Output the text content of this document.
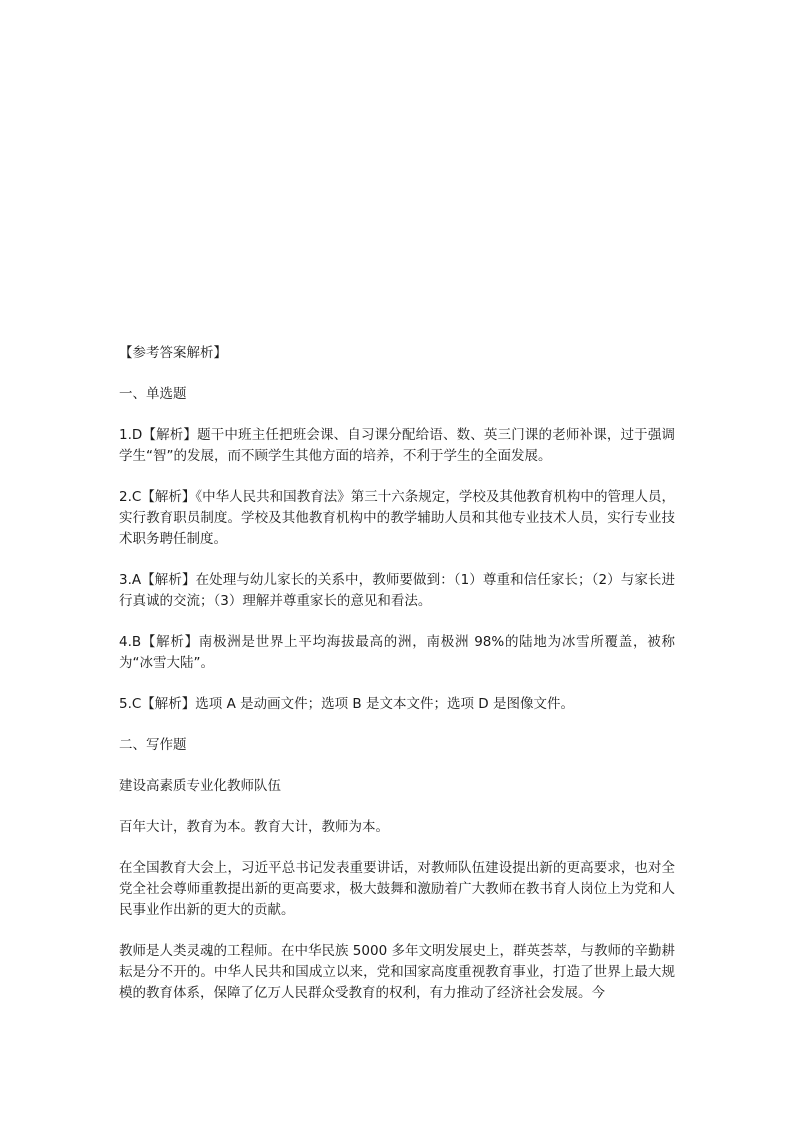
【参考答案解析】

一、单选题

1.D【解析】题干中班主任把班会课、自习课分配给语、数、英三门课的老师补课，过于强调学生“智”的发展，而不顾学生其他方面的培养，不利于学生的全面发展。

2.C【解析】《中华人民共和国教育法》第三十六条规定，学校及其他教育机构中的管理人员，实行教育职员制度。学校及其他教育机构中的教学辅助人员和其他专业技术人员，实行专业技术职务聘任制度。

3.A【解析】在处理与幼儿家长的关系中，教师要做到：（1）尊重和信任家长；（2）与家长进行真诚的交流；（3）理解并尊重家长的意见和看法。

4.B【解析】南极洲是世界上平均海拔最高的洲，南极洲 98%的陆地为冰雪所覆盖，被称为“冰雪大陆”。

5.C【解析】选项 A 是动画文件；选项 B 是文本文件；选项 D 是图像文件。

二、写作题

建设高素质专业化教师队伍

百年大计，教育为本。教育大计，教师为本。

在全国教育大会上，习近平总书记发表重要讲话，对教师队伍建设提出新的更高要求，也对全党全社会尊师重教提出新的更高要求，极大鼓舞和激励着广大教师在教书育人岗位上为党和人民事业作出新的更大的贡献。

教师是人类灵魂的工程师。在中华民族 5000 多年文明发展史上，群英荟萃，与教师的辛勤耕耘是分不开的。中华人民共和国成立以来，党和国家高度重视教育事业，打造了世界上最大规模的教育体系，保障了亿万人民群众受教育的权利，有力推动了经济社会发展。今
